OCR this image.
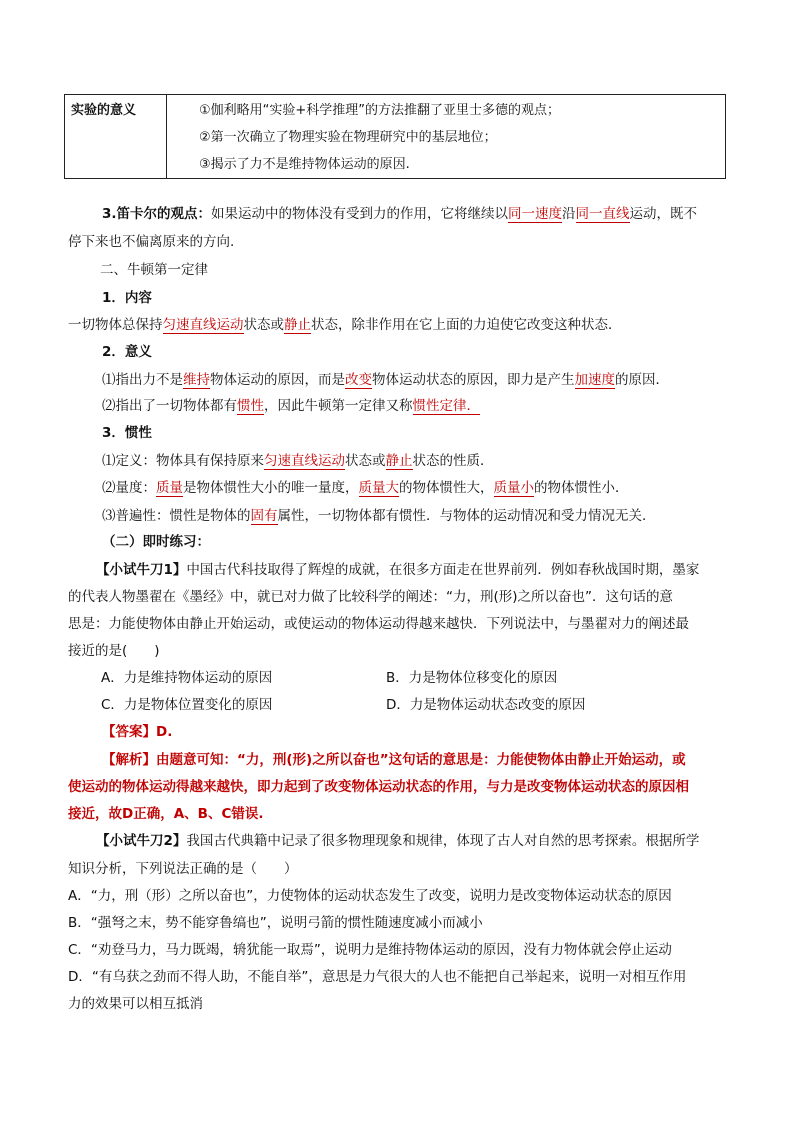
实验的意义	①伽利略用“实验+科学推理”的方法推翻了亚里士多德的观点；
②第一次确立了物理实验在物理研究中的基层地位；
③揭示了力不是维持物体运动的原因.
3.笛卡尔的观点：如果运动中的物体没有受到力的作用，它将继续以同一速度沿同一直线运动，既不
停下来也不偏离原来的方向.
二、牛顿第一定律
1．内容
一切物体总保持匀速直线运动状态或静止状态，除非作用在它上面的力迫使它改变这种状态．
2．意义
⑴指出力不是维持物体运动的原因，而是改变物体运动状态的原因，即力是产生加速度的原因．
⑵指出了一切物体都有惯性，因此牛顿第一定律又称惯性定律．
3．惯性
⑴定义：物体具有保持原来匀速直线运动状态或静止状态的性质．
⑵量度：质量是物体惯性大小的唯一量度，质量大的物体惯性大，质量小的物体惯性小．
⑶普遍性：惯性是物体的固有属性，一切物体都有惯性．与物体的运动情况和受力情况无关．
（二）即时练习：
【小试牛刀1】中国古代科技取得了辉煌的成就，在很多方面走在世界前列．例如春秋战国时期，墨家
的代表人物墨翟在《墨经》中，就已对力做了比较科学的阐述：“力，刑(形)之所以奋也”．这句话的意
思是：力能使物体由静止开始运动，或使运动的物体运动得越来越快．下列说法中，与墨翟对力的阐述最
接近的是(　　)
A．力是维持物体运动的原因	B．力是物体位移变化的原因
C．力是物体位置变化的原因	D．力是物体运动状态改变的原因
【答案】D.
【解析】由题意可知：“力，刑(形)之所以奋也”这句话的意思是：力能使物体由静止开始运动，或
使运动的物体运动得越来越快，即力起到了改变物体运动状态的作用，与力是改变物体运动状态的原因相
接近，故D正确，A、B、C错误.
【小试牛刀2】我国古代典籍中记录了很多物理现象和规律，体现了古人对自然的思考探索。根据所学
知识分析，下列说法正确的是（　　）
A．“力，刑（形）之所以奋也”，力使物体的运动状态发生了改变，说明力是改变物体运动状态的原因
B．“强弩之末，势不能穿鲁缟也”，说明弓箭的惯性随速度减小而减小
C．“劝登马力，马力既竭，辀犹能一取焉”，说明力是维持物体运动的原因，没有力物体就会停止运动
D．“有乌获之劲而不得人助，不能自举”，意思是力气很大的人也不能把自己举起来，说明一对相互作用
力的效果可以相互抵消
